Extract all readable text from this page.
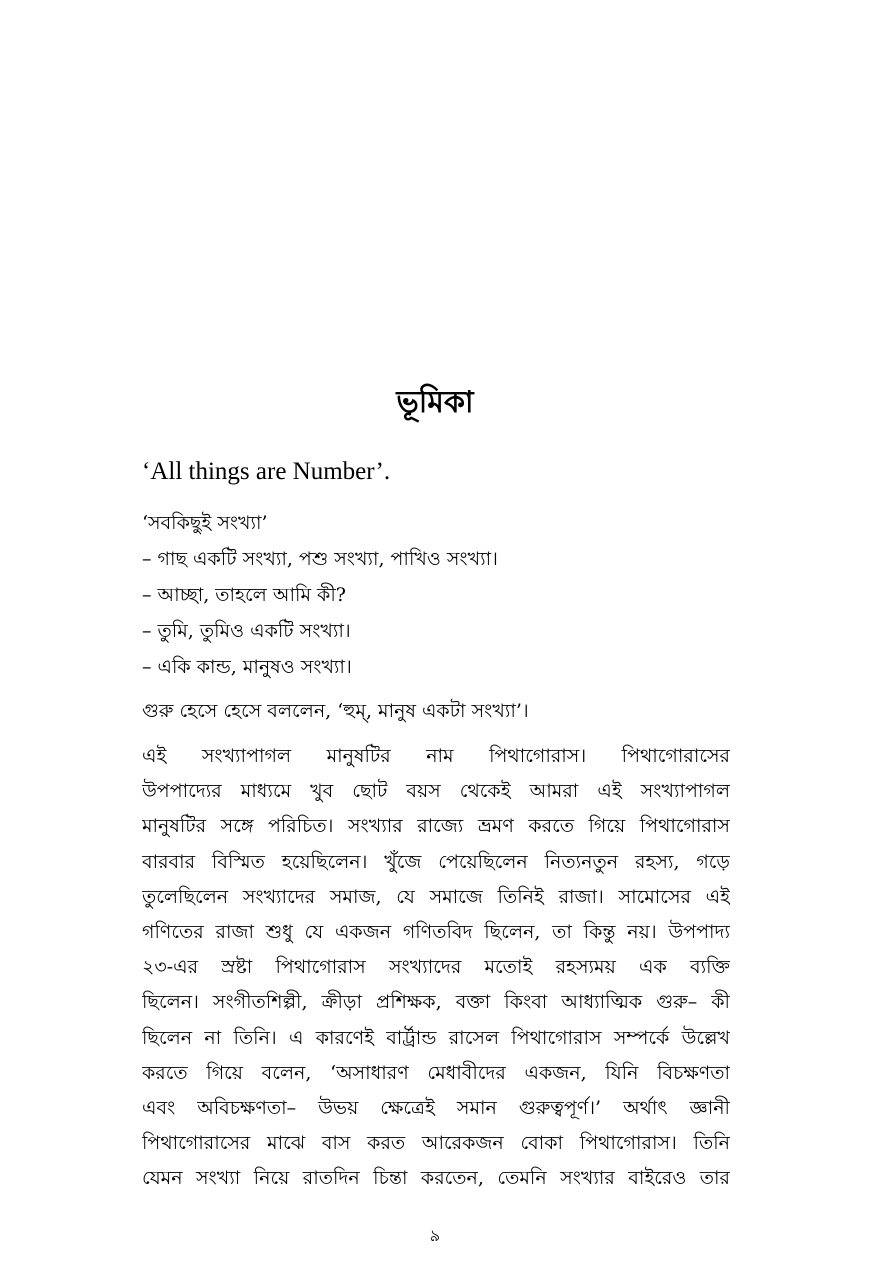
ভূমিকা

‘All things are Number’.

‘সবকিছুই সংখ্যা’
– গাছ একটি সংখ্যা, পশু সংখ্যা, পাখিও সংখ্যা।
– আচ্ছা, তাহলে আমি কী?
– তুমি, তুমিও একটি সংখ্যা।
– একি কান্ড, মানুষও সংখ্যা।

গুরু হেসে হেসে বললেন, ‘হুম্‌, মানুষ একটা সংখ্যা’।

এই সংখ্যাপাগল মানুষটির নাম পিথাগোরাস। পিথাগোরাসের
উপপাদ্যের মাধ্যমে খুব ছোট বয়স থেকেই আমরা এই সংখ্যাপাগল
মানুষটির সঙ্গে পরিচিত। সংখ্যার রাজ্যে ভ্রমণ করতে গিয়ে পিথাগোরাস
বারবার বিস্মিত হয়েছিলেন। খুঁজে পেয়েছিলেন নিত্যনতুন রহস্য, গড়ে
তুলেছিলেন সংখ্যাদের সমাজ, যে সমাজে তিনিই রাজা। সামোসের এই
গণিতের রাজা শুধু যে একজন গণিতবিদ ছিলেন, তা কিন্তু নয়। উপপাদ্য
২৩-এর স্রষ্টা পিথাগোরাস সংখ্যাদের মতোই রহস্যময় এক ব্যক্তি
ছিলেন। সংগীতশিল্পী, ক্রীড়া প্রশিক্ষক, বক্তা কিংবা আধ্যাত্মিক গুরু– কী
ছিলেন না তিনি। এ কারণেই বার্ট্রান্ড রাসেল পিথাগোরাস সম্পর্কে উল্লেখ
করতে গিয়ে বলেন, ‘অসাধারণ মেধাবীদের একজন, যিনি বিচক্ষণতা
এবং অবিচক্ষণতা– উভয় ক্ষেত্রেই সমান গুরুত্বপূর্ণ।’ অর্থাৎ জ্ঞানী
পিথাগোরাসের মাঝে বাস করত আরেকজন বোকা পিথাগোরাস। তিনি
যেমন সংখ্যা নিয়ে রাতদিন চিন্তা করতেন, তেমনি সংখ্যার বাইরেও তার

৯
